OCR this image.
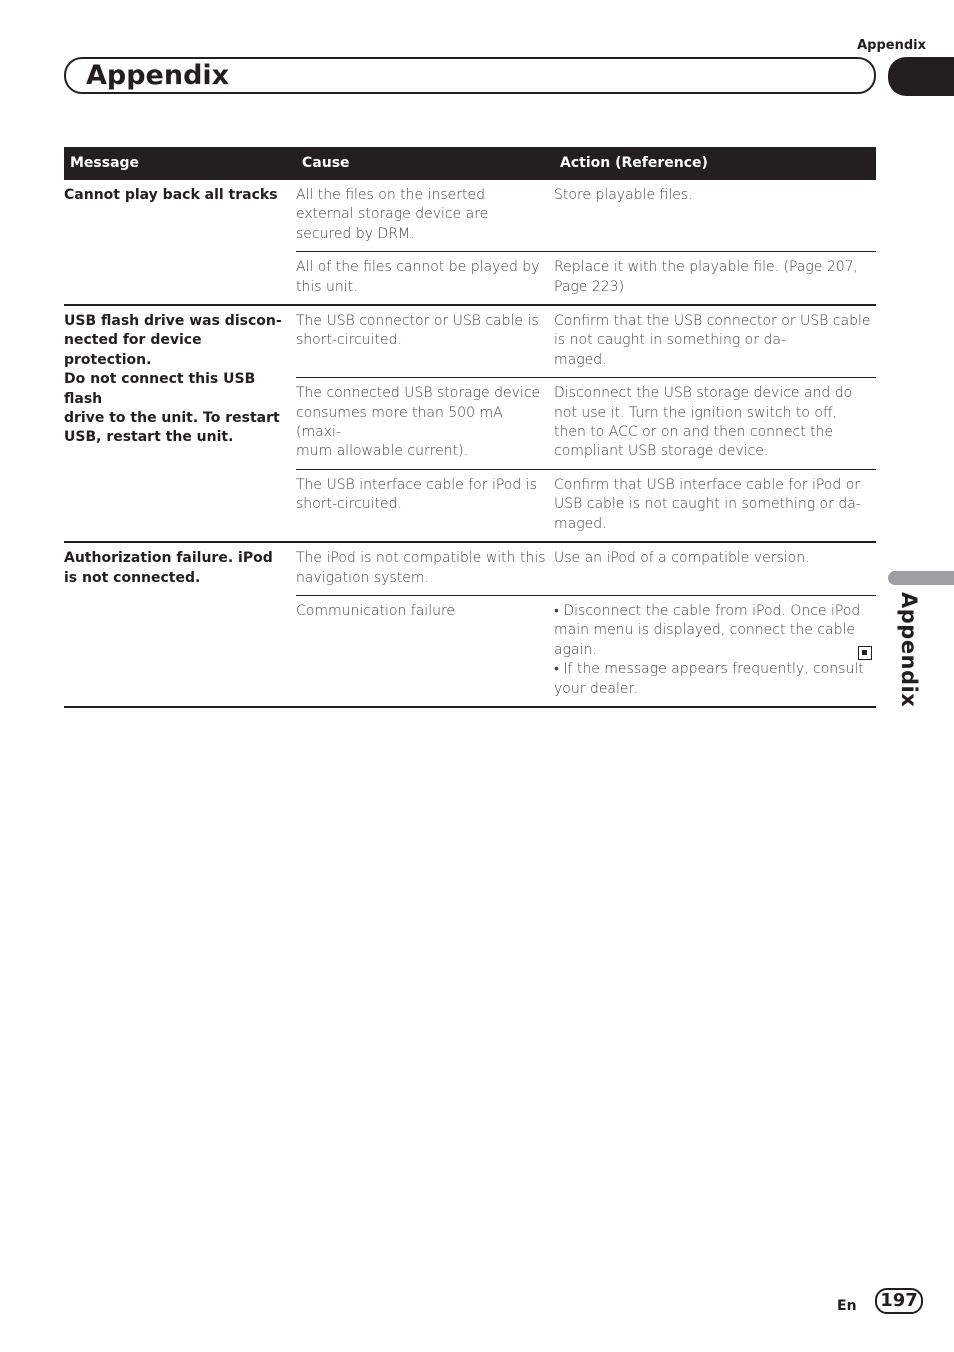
Appendix
Appendix
Appendix
Message	Cause	Action (Reference)
Cannot play back all tracks	All the files on the inserted external storage device are secured by DRM.	Store playable files.
	All of the files cannot be played by this unit.	Replace it with the playable file. (Page 207, Page 223)
USB flash drive was discon-
nected for device protection.
Do not connect this USB flash
drive to the unit. To restart
USB, restart the unit.	The USB connector or USB cable is short-circuited.	Confirm that the USB connector or USB cable is not caught in something or da-
maged.
	The connected USB storage device consumes more than 500 mA (maxi-
mum allowable current).	Disconnect the USB storage device and do not use it. Turn the ignition switch to off, then to ACC or on and then connect the compliant USB storage device.
	The USB interface cable for iPod is short-circuited.	Confirm that USB interface cable for iPod or USB cable is not caught in something or da-
maged.
Authorization failure. iPod is not connected.	The iPod is not compatible with this navigation system.	Use an iPod of a compatible version.
	Communication failure	• Disconnect the cable from iPod. Once iPod main menu is displayed, connect the cable again.
• If the message appears frequently, consult your dealer.
En 197
